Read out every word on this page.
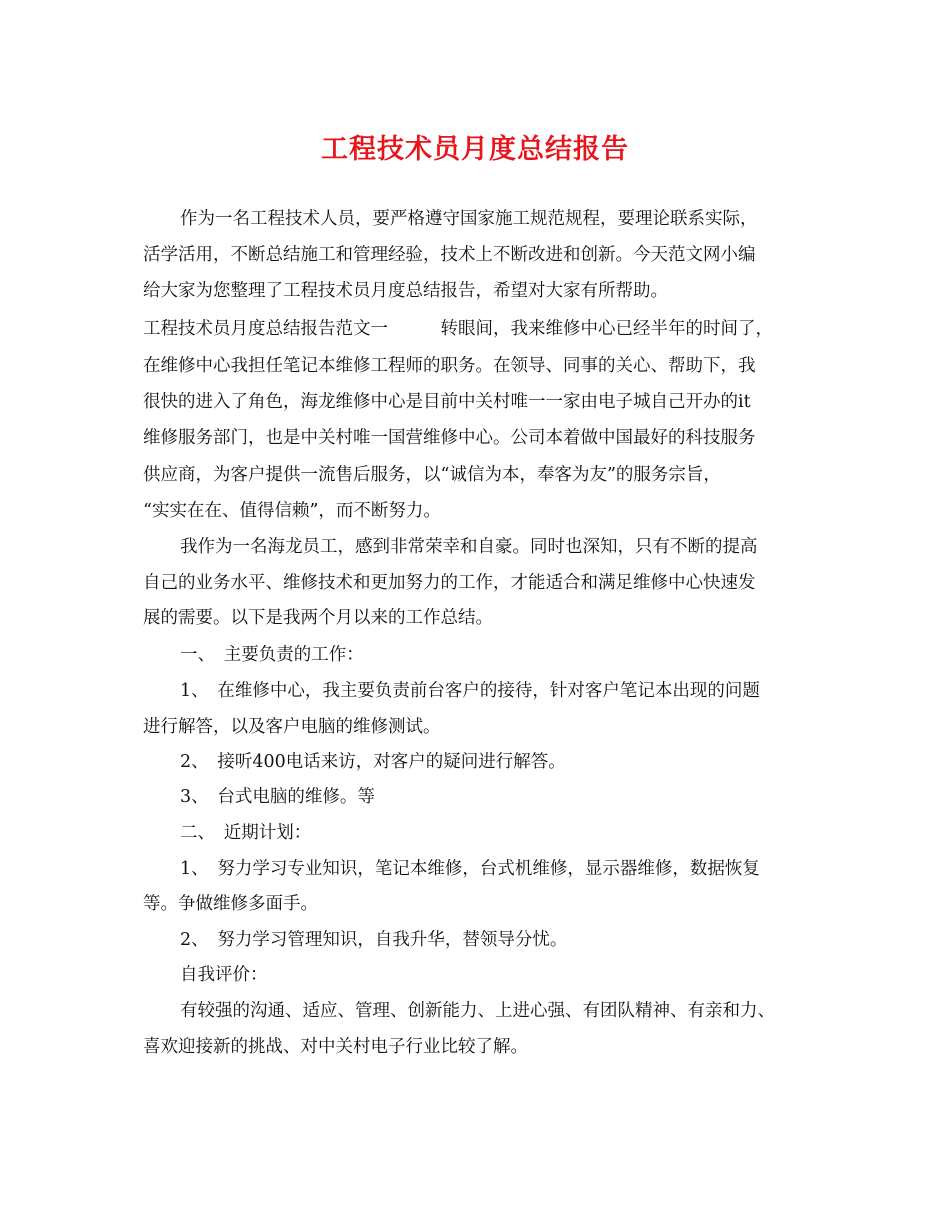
工程技术员月度总结报告
作为一名工程技术人员，要严格遵守国家施工规范规程，要理论联系实际，
活学活用，不断总结施工和管理经验，技术上不断改进和创新。今天范文网小编
给大家为您整理了工程技术员月度总结报告，希望对大家有所帮助。
工程技术员月度总结报告范文一　　　转眼间，我来维修中心已经半年的时间了，
在维修中心我担任笔记本维修工程师的职务。在领导、同事的关心、帮助下，我
很快的进入了角色，海龙维修中心是目前中关村唯一一家由电子城自己开办的it
维修服务部门，也是中关村唯一国营维修中心。公司本着做中国最好的科技服务
供应商，为客户提供一流售后服务，以“诚信为本，奉客为友”的服务宗旨，
“实实在在、值得信赖”，而不断努力。
我作为一名海龙员工，感到非常荣幸和自豪。同时也深知，只有不断的提高
自己的业务水平、维修技术和更加努力的工作，才能适合和满足维修中心快速发
展的需要。以下是我两个月以来的工作总结。
一、　主要负责的工作：
1、　在维修中心，我主要负责前台客户的接待，针对客户笔记本出现的问题
进行解答，以及客户电脑的维修测试。
2、　接听400电话来访，对客户的疑问进行解答。
3、　台式电脑的维修。等
二、　近期计划：
1、　努力学习专业知识，笔记本维修，台式机维修，显示器维修，数据恢复
等。争做维修多面手。
2、　努力学习管理知识，自我升华，替领导分忧。
自我评价：
有较强的沟通、适应、管理、创新能力、上进心强、有团队精神、有亲和力、
喜欢迎接新的挑战、对中关村电子行业比较了解。
